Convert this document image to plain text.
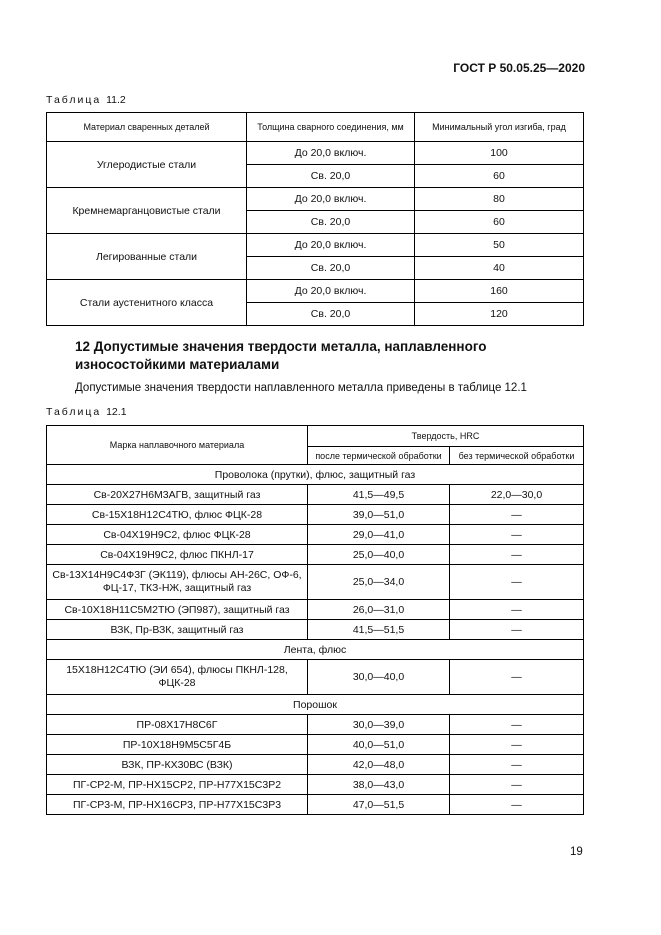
ГОСТ Р 50.05.25—2020
Таблица 11.2
Материал сваренных деталей	Толщина сварного соединения, мм	Минимальный угол изгиба, град
Углеродистые стали	До 20,0 включ.	100
	Св. 20,0	60
Кремнемарганцовистые стали	До 20,0 включ.	80
	Св. 20,0	60
Легированные стали	До 20,0 включ.	50
	Св. 20,0	40
Стали аустенитного класса	До 20,0 включ.	160
	Св. 20,0	120
12 Допустимые значения твердости металла, наплавленного износостойкими материалами
Допустимые значения твердости наплавленного металла приведены в таблице 12.1
Таблица 12.1
Марка наплавочного материала	Твердость, HRC	
	после термической обработки	без термической обработки
Проволока (прутки), флюс, защитный газ		
Св-20Х27Н6М3АГВ, защитный газ	41,5—49,5	22,0—30,0
Св-15Х18Н12С4ТЮ, флюс ФЦК-28	39,0—51,0	—
Св-04Х19Н9С2, флюс ФЦК-28	29,0—41,0	—
Св-04Х19Н9С2, флюс ПКНЛ-17	25,0—40,0	—
Св-13Х14Н9С4Ф3Г (ЭК119), флюсы АН-26С, ОФ-6, ФЦ-17, ТКЗ-НЖ, защитный газ	25,0—34,0	—
Св-10Х18Н11С5М2ТЮ (ЭП987), защитный газ	26,0—31,0	—
ВЗК, Пр-ВЗК, защитный газ	41,5—51,5	—
Лента, флюс		
15Х18Н12С4ТЮ (ЭИ 654), флюсы ПКНЛ-128, ФЦК-28	30,0—40,0	—
Порошок		
ПР-08Х17Н8С6Г	30,0—39,0	—
ПР-10Х18Н9М5С5Г4Б	40,0—51,0	—
ВЗК, ПР-КХ30ВС (ВЗК)	42,0—48,0	—
ПГ-СР2-М, ПР-НХ15СР2, ПР-Н77Х15С3Р2	38,0—43,0	—
ПГ-СР3-М, ПР-НХ16СР3, ПР-Н77Х15С3Р3	47,0—51,5	—
19
